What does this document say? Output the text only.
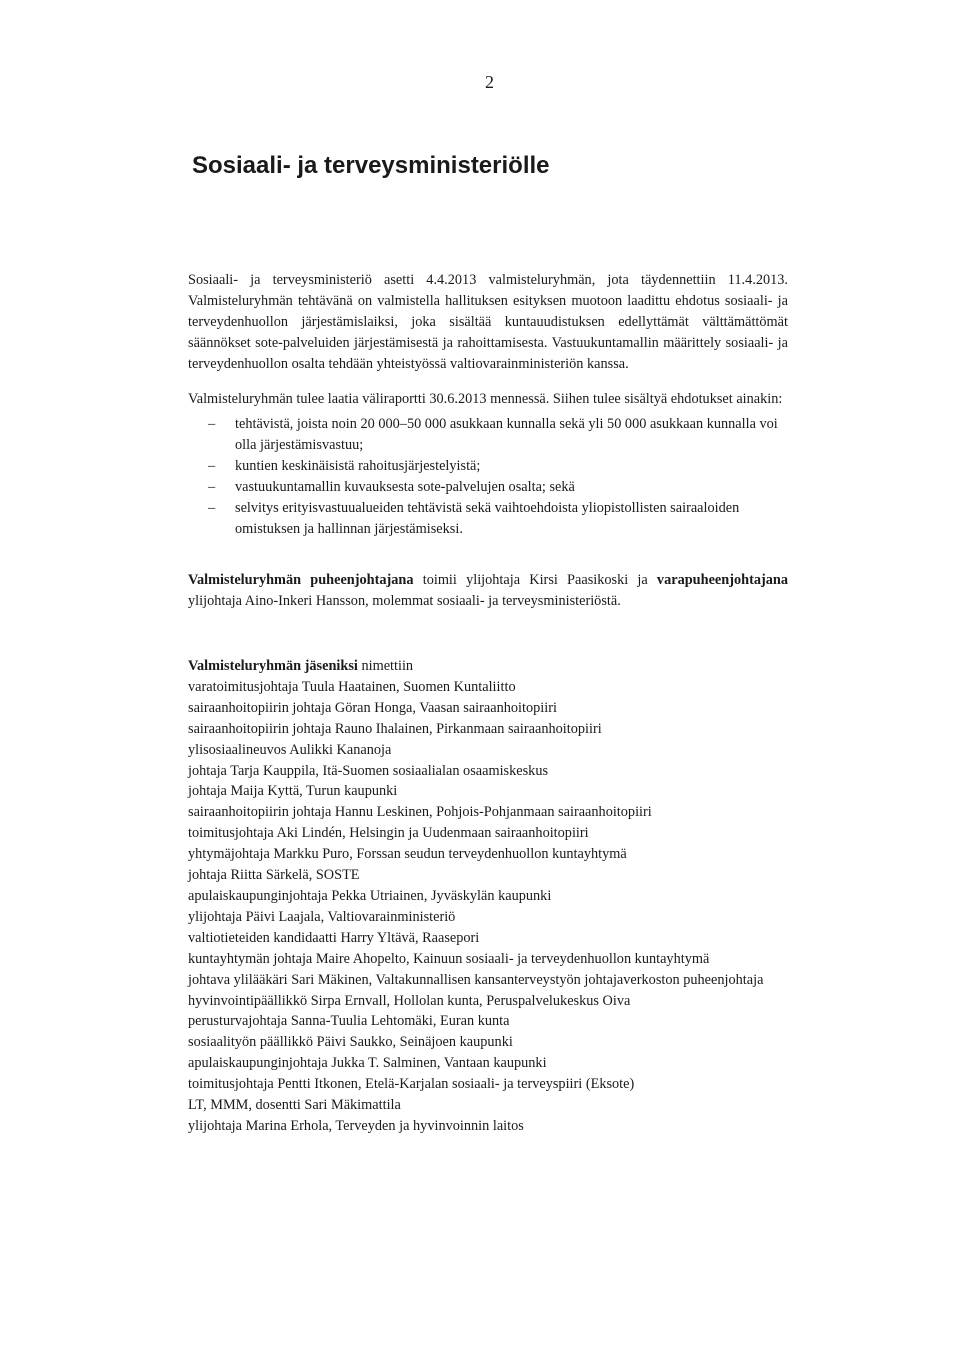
2
Sosiaali- ja terveysministeriölle

Sosiaali- ja terveysministeriö asetti 4.4.2013 valmisteluryhmän, jota täydennettiin 11.4.2013. Valmisteluryhmän tehtävänä on valmistella hallituksen esityksen muotoon laadittu ehdotus sosiaali- ja terveydenhuollon järjestämislaiksi, joka sisältää kuntauudistuksen edellyttämät välttämättömät säännökset sote-palveluiden järjestämisestä ja rahoittamisesta. Vastuukuntamallin määrittely sosiaali- ja terveydenhuollon osalta tehdään yhteistyössä valtiovarainministeriön kanssa.

Valmisteluryhmän tulee laatia väliraportti 30.6.2013 mennessä. Siihen tulee sisältyä ehdotukset ainakin:

– tehtävistä, joista noin 20 000–50 000 asukkaan kunnalla sekä yli 50 000 asukkaan kunnalla voi olla järjestämisvastuu;
– kuntien keskinäisistä rahoitusjärjestelyistä;
– vastuukuntamallin kuvauksesta sote-palvelujen osalta; sekä
– selvitys erityisvastuualueiden tehtävistä sekä vaihtoehdoista yliopistollisten sairaaloiden omistuksen ja hallinnan järjestämiseksi.

Valmisteluryhmän puheenjohtajana toimii ylijohtaja Kirsi Paasikoski ja varapuheenjohtajana ylijohtaja Aino-Inkeri Hansson, molemmat sosiaali- ja terveysministeriöstä.

Valmisteluryhmän jäseniksi nimettiin
varatoimitusjohtaja Tuula Haatainen, Suomen Kuntaliitto
sairaanhoitopiirin johtaja Göran Honga, Vaasan sairaanhoitopiiri
sairaanhoitopiirin johtaja Rauno Ihalainen, Pirkanmaan sairaanhoitopiiri
ylisosiaalineuvos Aulikki Kananoja
johtaja Tarja Kauppila, Itä-Suomen sosiaalialan osaamiskeskus
johtaja Maija Kyttä, Turun kaupunki
sairaanhoitopiirin johtaja Hannu Leskinen, Pohjois-Pohjanmaan sairaanhoitopiiri
toimitusjohtaja Aki Lindén, Helsingin ja Uudenmaan sairaanhoitopiiri
yhtymäjohtaja Markku Puro, Forssan seudun terveydenhuollon kuntayhtymä
johtaja Riitta Särkelä, SOSTE
apulaiskaupunginjohtaja Pekka Utriainen, Jyväskylän kaupunki
ylijohtaja Päivi Laajala, Valtiovarainministeriö
valtiotieteiden kandidaatti Harry Yltävä, Raasepori
kuntayhtymän johtaja Maire Ahopelto, Kainuun sosiaali- ja terveydenhuollon kuntayhtymä
johtava ylilääkäri Sari Mäkinen, Valtakunnallisen kansanterveystyön johtajaverkoston puheenjohtaja
hyvinvointipäällikkö Sirpa Ernvall, Hollolan kunta, Peruspalvelukeskus Oiva
perusturvajohtaja Sanna-Tuulia Lehtomäki, Euran kunta
sosiaalityön päällikkö Päivi Saukko, Seinäjoen kaupunki
apulaiskaupunginjohtaja Jukka T. Salminen, Vantaan kaupunki
toimitusjohtaja Pentti Itkonen, Etelä-Karjalan sosiaali- ja terveyspiiri (Eksote)
LT, MMM, dosentti Sari Mäkimattila
ylijohtaja Marina Erhola, Terveyden ja hyvinvoinnin laitos
